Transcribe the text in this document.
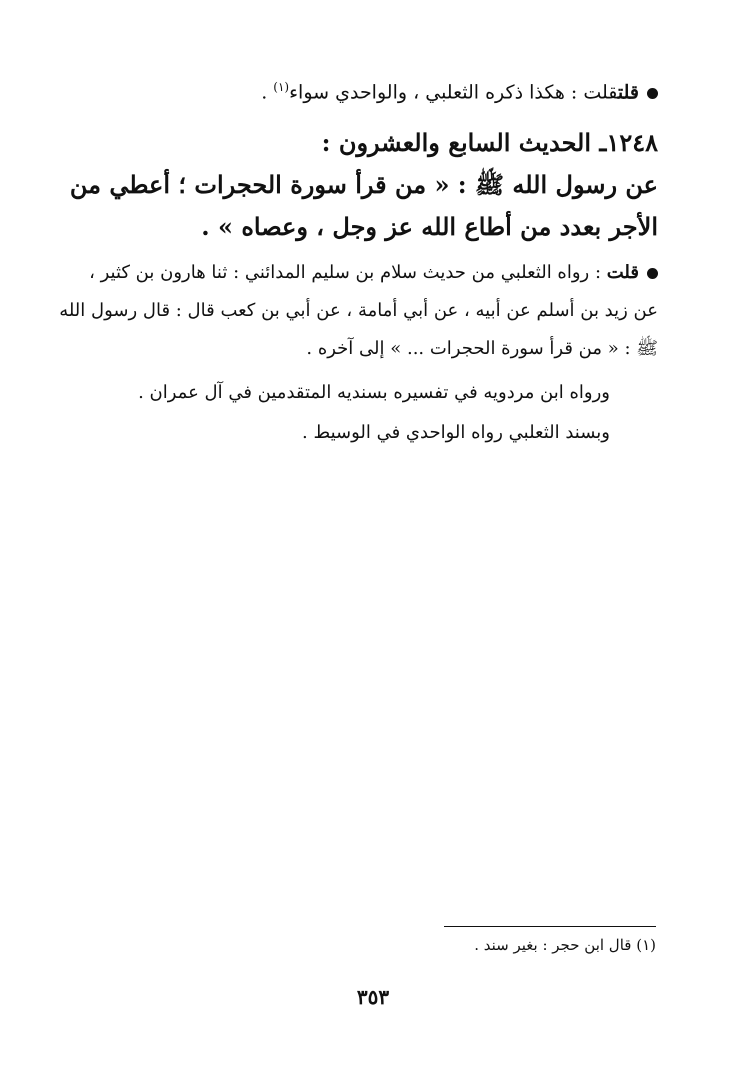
قلتقلت : هكذا ذكره الثعلبي ، والواحدي سواء$^{(١)}$ .
١٢٤٨ـ الحديث السابع والعشرون :
عن رسول الله ﷺ : « من قرأ سورة الحجرات ؛ أعطي من
الأجر بعدد من أطاع الله عز وجل ، وعصاه » .
قلت : رواه الثعلبي من حديث سلام بن سليم المدائني : ثنا هارون بن كثير ،
عن زيد بن أسلم عن أبيه ، عن أبي أمامة ، عن أبي بن كعب قال : قال رسول الله
ﷺ : « من قرأ سورة الحجرات ... » إلى آخره .
ورواه ابن مردويه في تفسيره بسنديه المتقدمين في آل عمران .
وبسند الثعلبي رواه الواحدي في الوسيط .
(١) قال ابن حجر : بغير سند .
٣٥٣
